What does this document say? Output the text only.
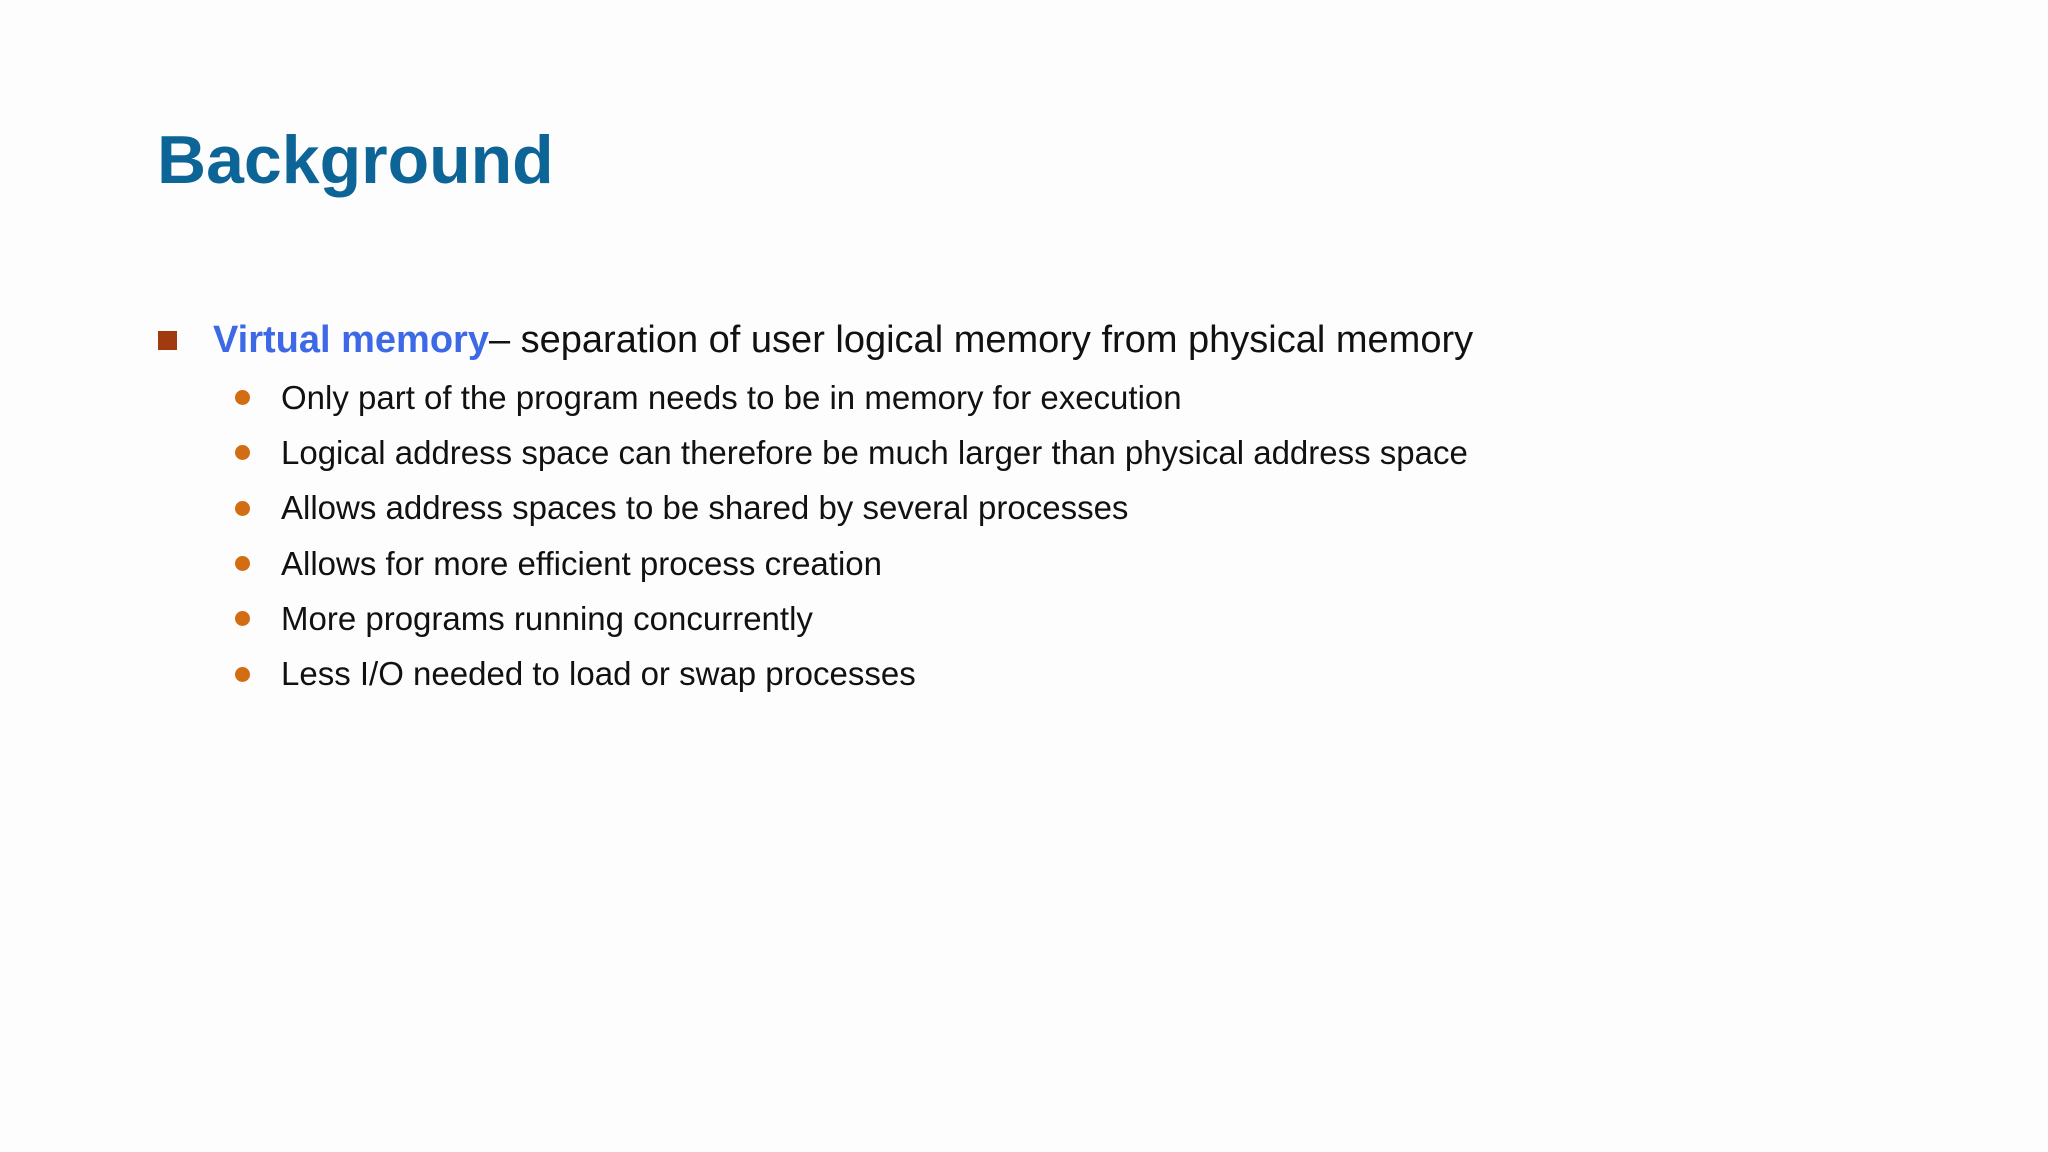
Background
Virtual memory – separation of user logical memory from physical memory
Only part of the program needs to be in memory for execution
Logical address space can therefore be much larger than physical address space
Allows address spaces to be shared by several processes
Allows for more efficient process creation
More programs running concurrently
Less I/O needed to load or swap processes
